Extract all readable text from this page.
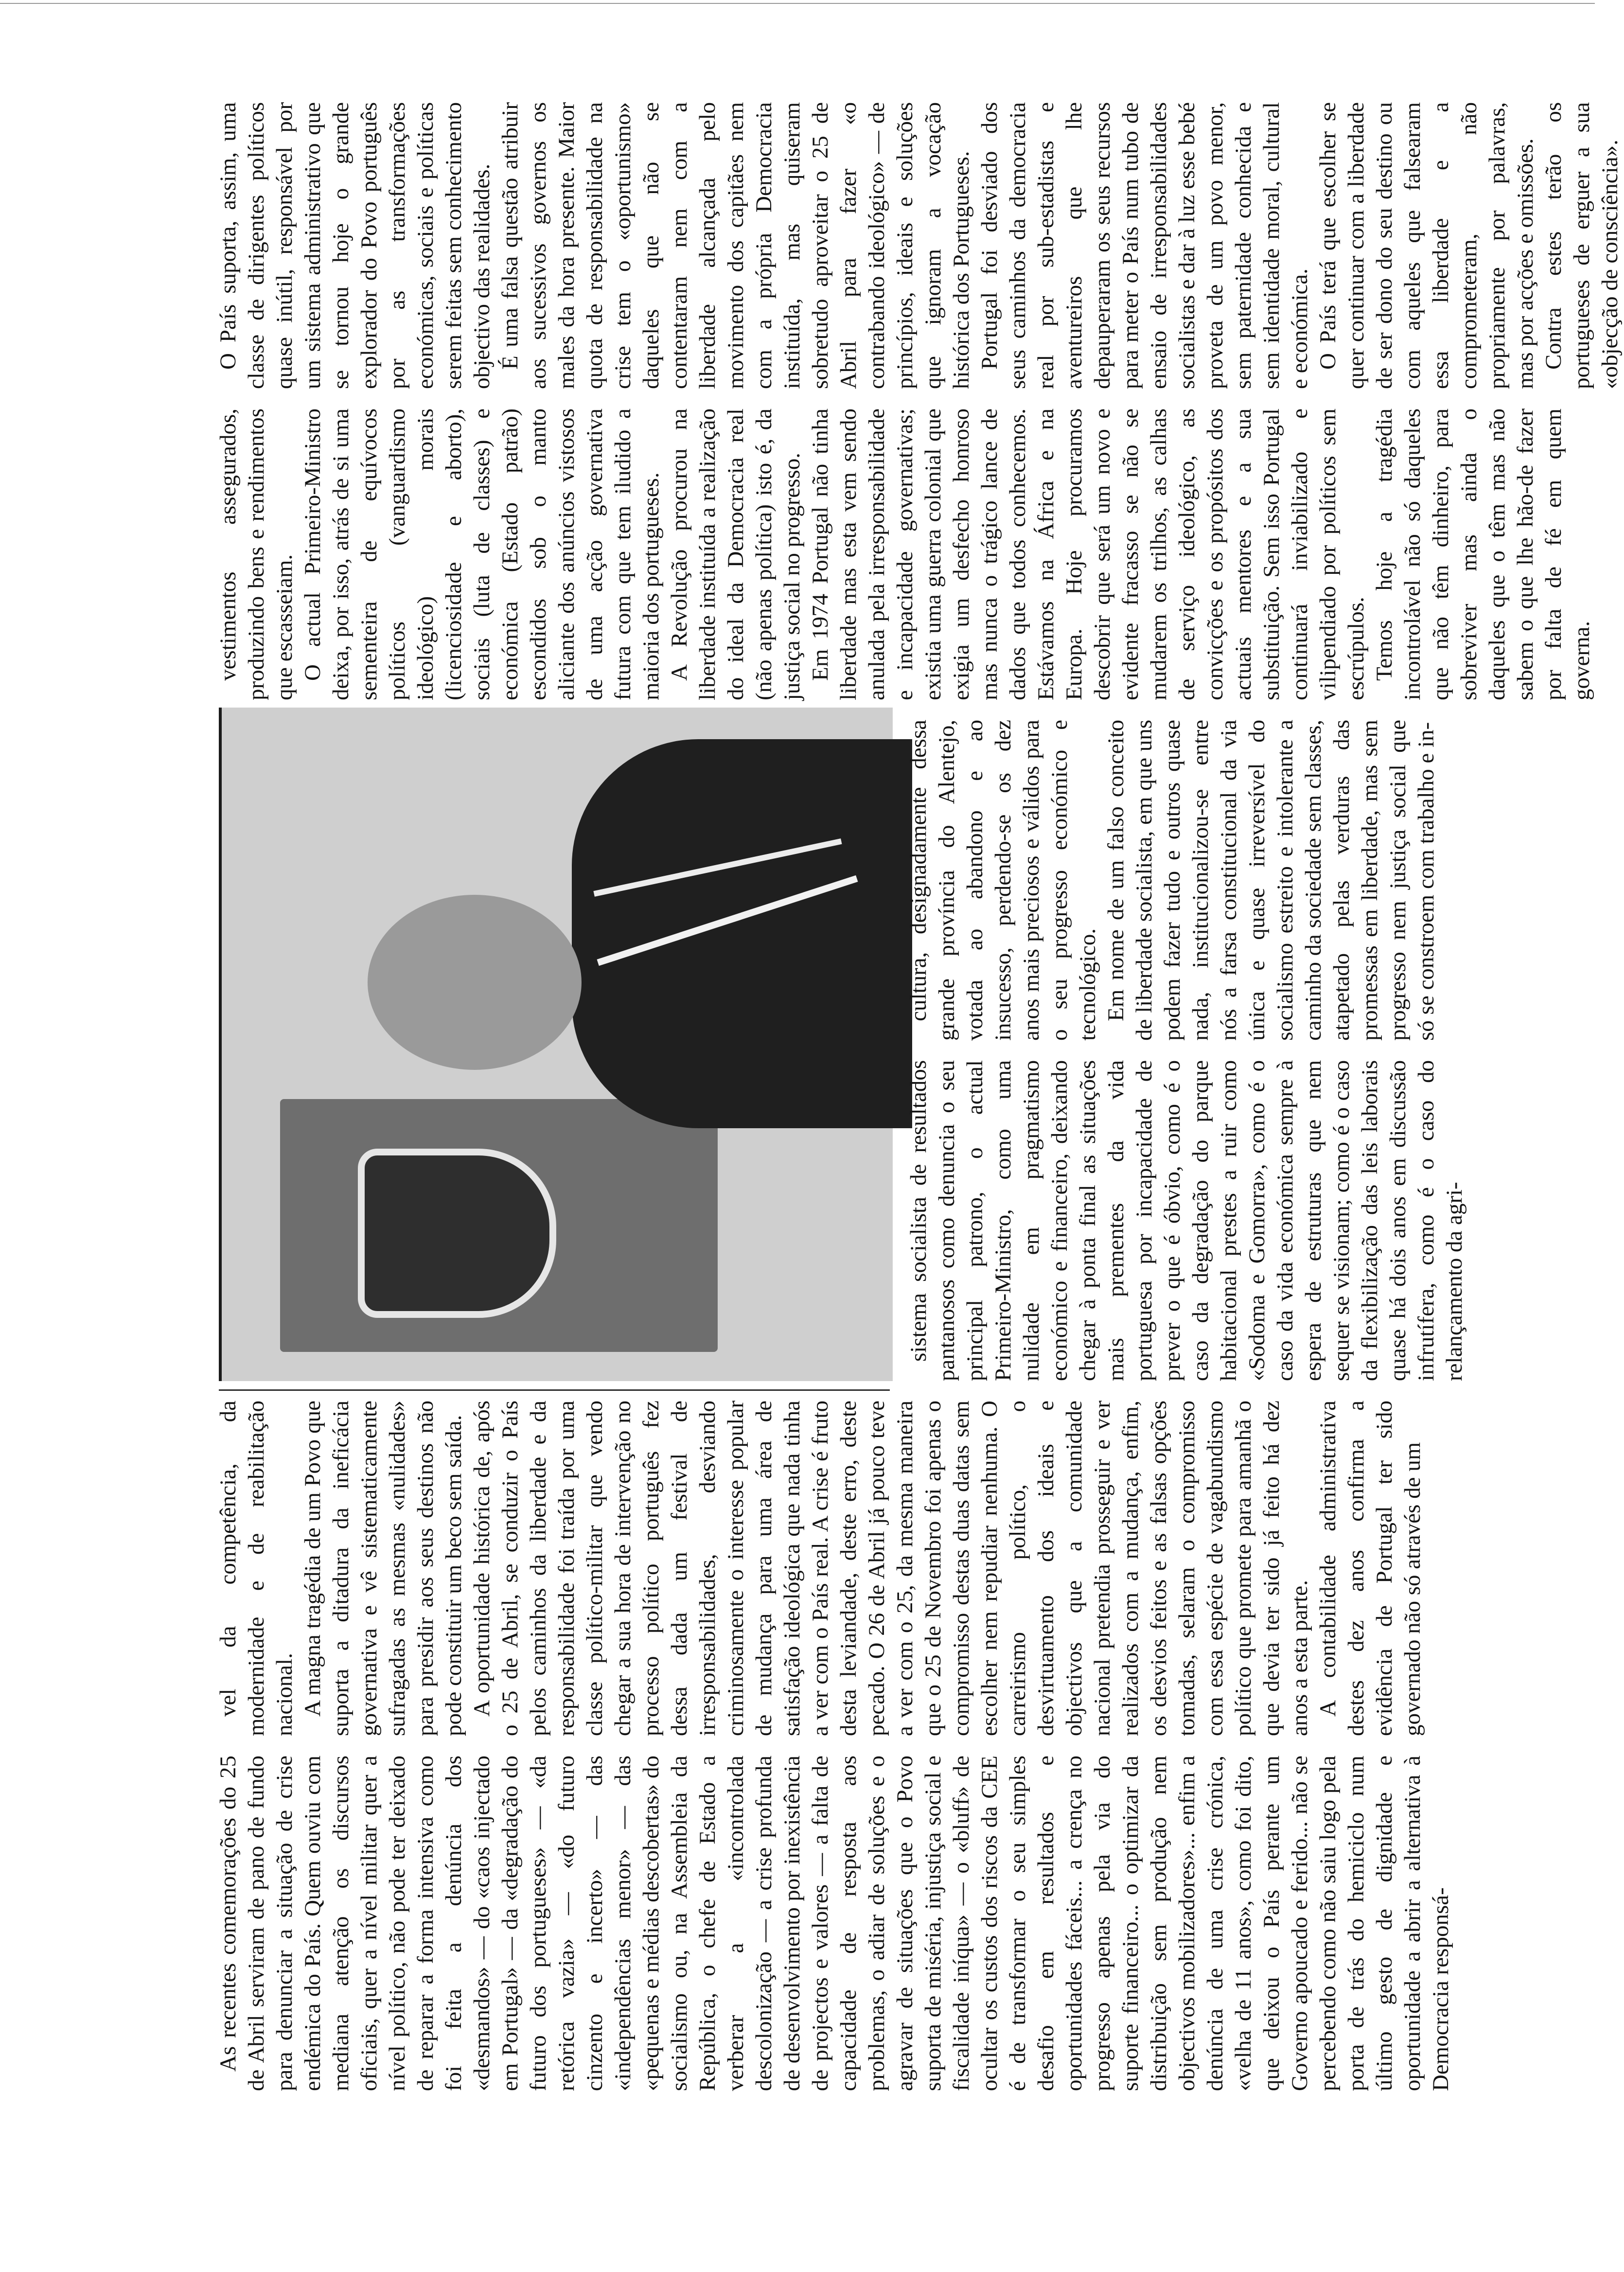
As recentes comemorações do 25 de Abril serviram de pano de fundo para denunciar a situação de crise endémica do País. Quem ouviu com mediana atenção os discursos oficiais, quer a nível militar quer a nível político, não pode ter deixado de reparar a forma intensiva como foi feita a denúncia dos «desmandos» — do «caos injectado em Portugal» — da «degradação do futuro dos portugueses» — «da retórica vazia» — «do futuro cinzento e incerto» — das «independências menor» — das «pequenas e médias descobertas» do socialismo ou, na Assembleia da República, o chefe de Estado a verberar a «incontrolada descolonização — a crise profunda de desenvolvimento por inexistência de projectos e valores — a falta de capacidade de resposta aos problemas, o adiar de soluções e o agravar de situações que o Povo suporta de miséria, injustiça social e fiscalidade iníqua» — o «bluff» de ocultar os custos dos riscos da CEE é de transformar o seu simples desafio em resultados e oportunidades fáceis... a crença no progresso apenas pela via do suporte financeiro... o optimizar da distribuição sem produção nem objectivos mobilizadores»... enfim a denúncia de uma crise crónica, «velha de 11 anos», como foi dito, que deixou o País perante um Governo apoucado e ferido... não se percebendo como não saiu logo pela porta de trás do hemiciclo num último gesto de dignidade e oportunidade a abrir a alternativa à Democracia responsá-

vel da competência, da modernidade e de reabilitação nacional. A magna tragédia de um Povo que suporta a ditadura da ineficácia governativa e vê sistematicamente sufragadas as mesmas «nulidades» para presidir aos seus destinos não pode constituir um beco sem saída. A oportunidade histórica de, após o 25 de Abril, se conduzir o País pelos caminhos da liberdade e da responsabilidade foi traída por uma classe político-militar que vendo chegar a sua hora de intervenção no processo político português fez dessa dada um festival de irresponsabilidades, desviando criminosamente o interesse popular de mudança para uma área de satisfação ideológica que nada tinha a ver com o País real. A crise é fruto desta leviandade, deste erro, deste pecado. O 26 de Abril já pouco teve a ver com o 25, da mesma maneira que o 25 de Novembro foi apenas o compromisso destas duas datas sem escolher nem repudiar nenhuma. O carreirismo político, o desvirtuamento dos ideais e objectivos que a comunidade nacional pretendia prosseguir e ver realizados com a mudança, enfim, os desvios feitos e as falsas opções tomadas, selaram o compromisso com essa espécie de vagabundismo político que promete para amanhã o que devia ter sido já feito há dez anos a esta parte. A contabilidade administrativa destes dez anos confirma a evidência de Portugal ter sido governado não só através de um

sistema socialista de resultados pantanosos como denuncia o seu principal patrono, o actual Primeiro-Ministro, como uma nulidade em pragmatismo económico e financeiro, deixando chegar à ponta final as situações mais prementes da vida portuguesa por incapacidade de prever o que é óbvio, como é o caso da degradação do parque habitacional prestes a ruir como «Sodoma e Gomorra», como é o caso da vida económica sempre à espera de estruturas que nem sequer se visionam; como é o caso da flexibilização das leis laborais quase há dois anos em discussão infrutífera, como é o caso do relançamento da agri-

cultura, designadamente dessa grande província do Alentejo, votada ao abandono e ao insucesso, perdendo-se os dez anos mais preciosos e válidos para o seu progresso económico e tecnológico. Em nome de um falso conceito de liberdade socialista, em que uns podem fazer tudo e outros quase nada, institucionalizou-se entre nós a farsa constitucional da via única e quase irreversível do socialismo estreito e intolerante a caminho da sociedade sem classes, atapetado pelas verduras das promessas em liberdade, mas sem progresso nem justiça social que só se constroem com trabalho e in-

vestimentos assegurados, produzindo bens e rendimentos que escasseiam. O actual Primeiro-Ministro deixa, por isso, atrás de si uma sementeira de equívocos políticos (vanguardismo ideológico) morais (licenciosidade e aborto), sociais (luta de classes) e económica (Estado patrão) escondidos sob o manto aliciante dos anúncios vistosos de uma acção governativa futura com que tem iludido a maioria dos portugueses. A Revolução procurou na liberdade instituída a realização do ideal da Democracia real (não apenas política) isto é, da justiça social no progresso. Em 1974 Portugal não tinha liberdade mas esta vem sendo anulada pela irresponsabilidade e incapacidade governativas; existia uma guerra colonial que exigia um desfecho honroso mas nunca o trágico lance de dados que todos conhecemos. Estávamos na África e na Europa. Hoje procuramos descobrir que será um novo e evidente fracasso se não se mudarem os trilhos, as calhas de serviço ideológico, as convicções e os propósitos dos actuais mentores e a sua substituição. Sem isso Portugal continuará inviabilizado e vilipendiado por políticos sem escrúpulos. Temos hoje a tragédia incontrolável não só daqueles que não têm dinheiro, para sobreviver mas ainda o daqueles que o têm mas não sabem o que lhe hão-de fazer por falta de fé em quem governa.

O País suporta, assim, uma classe de dirigentes políticos quase inútil, responsável por um sistema administrativo que se tornou hoje o grande explorador do Povo português por as transformações económicas, sociais e políticas serem feitas sem conhecimento objectivo das realidades. É uma falsa questão atribuir aos sucessivos governos os males da hora presente. Maior quota de responsabilidade na crise tem o «oportunismo» daqueles que não se contentaram nem com a liberdade alcançada pelo movimento dos capitães nem com a própria Democracia instituída, mas quiseram sobretudo aproveitar o 25 de Abril para fazer «o contrabando ideológico» — de princípios, ideais e soluções que ignoram a vocação histórica dos Portugueses. Portugal foi desviado dos seus caminhos da democracia real por sub-estadistas e aventureiros que lhe depauperaram os seus recursos para meter o País num tubo de ensaio de irresponsabilidades socialistas e dar à luz esse bebé proveta de um povo menor, sem paternidade conhecida e sem identidade moral, cultural e económica. O País terá que escolher se quer continuar com a liberdade de ser dono do seu destino ou com aqueles que falsearam essa liberdade e a comprometeram, não propriamente por palavras, mas por acções e omissões. Contra estes terão os portugueses de erguer a sua «objecção de consciência».
